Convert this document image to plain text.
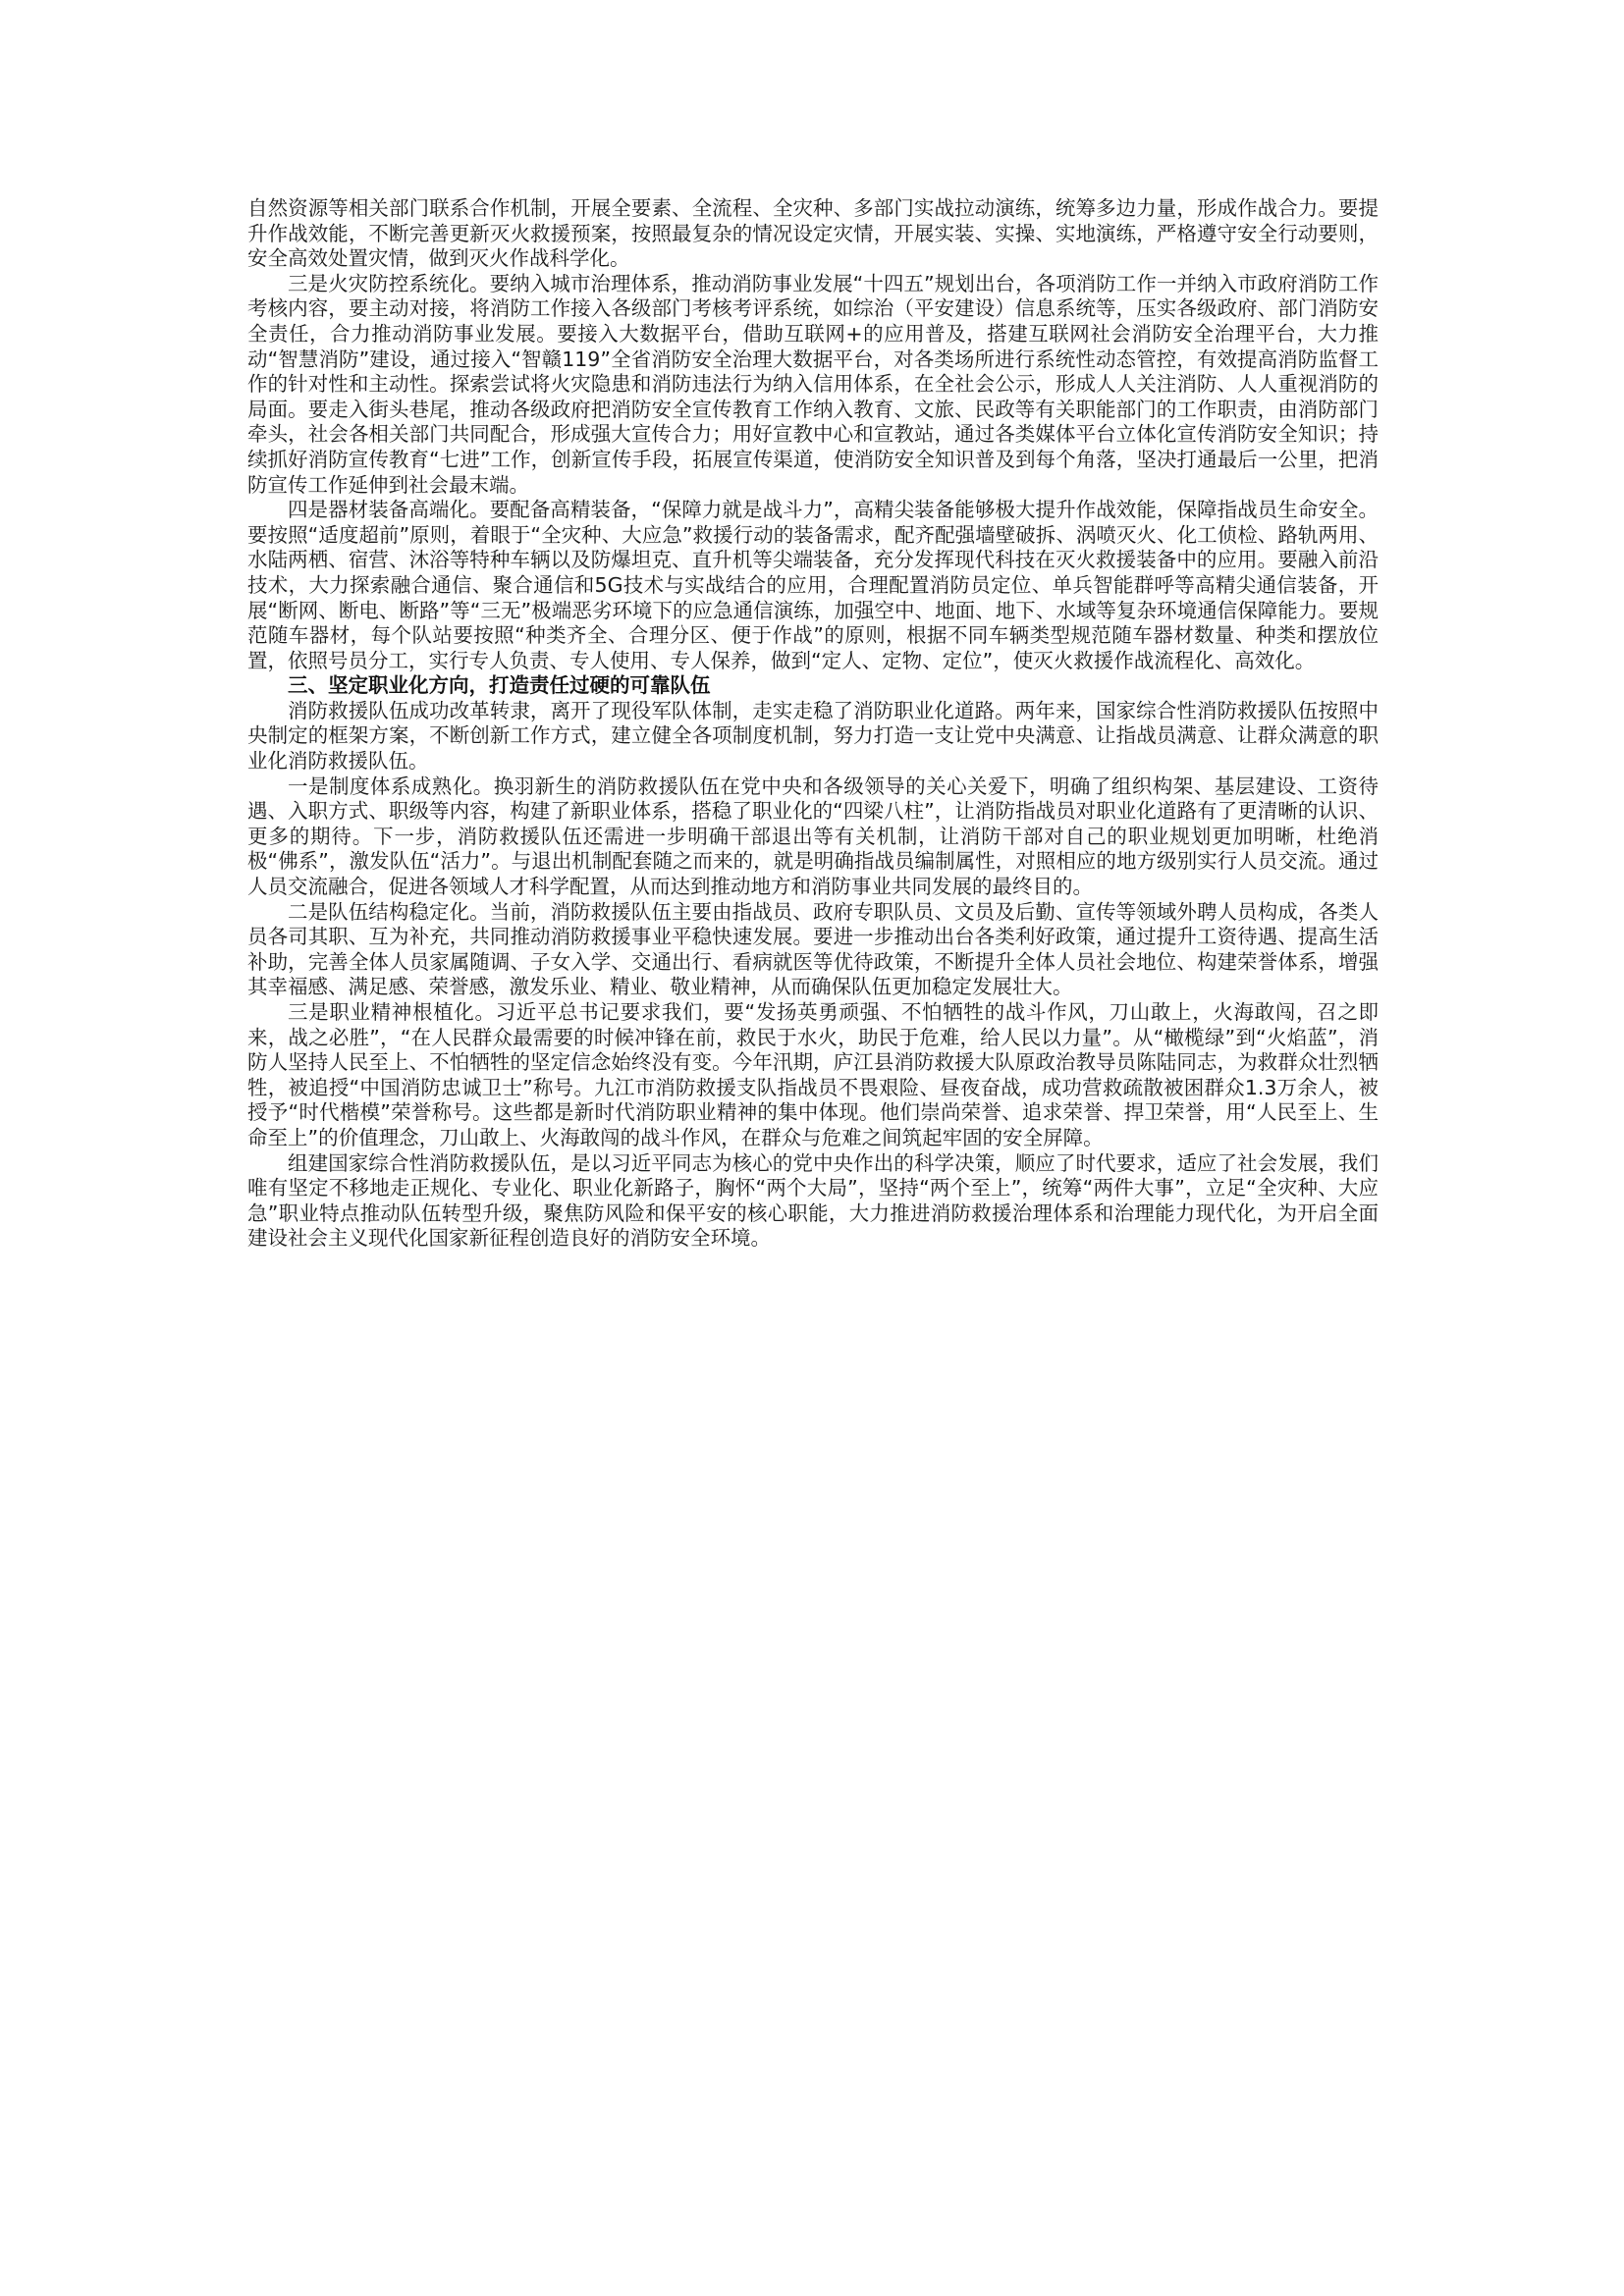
自然资源等相关部门联系合作机制，开展全要素、全流程、全灾种、多部门实战拉动演练，统筹多边力量，形成作战合力。要提升作战效能，不断完善更新灭火救援预案，按照最复杂的情况设定灾情，开展实装、实操、实地演练，严格遵守安全行动要则，安全高效处置灾情，做到灭火作战科学化。

三是火灾防控系统化。要纳入城市治理体系，推动消防事业发展“十四五”规划出台，各项消防工作一并纳入市政府消防工作考核内容，要主动对接，将消防工作接入各级部门考核考评系统，如综治（平安建设）信息系统等，压实各级政府、部门消防安全责任，合力推动消防事业发展。要接入大数据平台，借助互联网+的应用普及，搭建互联网社会消防安全治理平台，大力推动“智慧消防”建设，通过接入“智赣119”全省消防安全治理大数据平台，对各类场所进行系统性动态管控，有效提高消防监督工作的针对性和主动性。探索尝试将火灾隐患和消防违法行为纳入信用体系，在全社会公示，形成人人关注消防、人人重视消防的局面。要走入街头巷尾，推动各级政府把消防安全宣传教育工作纳入教育、文旅、民政等有关职能部门的工作职责，由消防部门牵头，社会各相关部门共同配合，形成强大宣传合力；用好宣教中心和宣教站，通过各类媒体平台立体化宣传消防安全知识；持续抓好消防宣传教育“七进”工作，创新宣传手段，拓展宣传渠道，使消防安全知识普及到每个角落，坚决打通最后一公里，把消防宣传工作延伸到社会最末端。

四是器材装备高端化。要配备高精装备，“保障力就是战斗力”，高精尖装备能够极大提升作战效能，保障指战员生命安全。要按照“适度超前”原则，着眼于“全灾种、大应急”救援行动的装备需求，配齐配强墙壁破拆、涡喷灭火、化工侦检、路轨两用、水陆两栖、宿营、沐浴等特种车辆以及防爆坦克、直升机等尖端装备，充分发挥现代科技在灭火救援装备中的应用。要融入前沿技术，大力探索融合通信、聚合通信和5G技术与实战结合的应用，合理配置消防员定位、单兵智能群呼等高精尖通信装备，开展“断网、断电、断路”等“三无”极端恶劣环境下的应急通信演练，加强空中、地面、地下、水域等复杂环境通信保障能力。要规范随车器材，每个队站要按照“种类齐全、合理分区、便于作战”的原则，根据不同车辆类型规范随车器材数量、种类和摆放位置，依照号员分工，实行专人负责、专人使用、专人保养，做到“定人、定物、定位”，使灭火救援作战流程化、高效化。

三、坚定职业化方向，打造责任过硬的可靠队伍

消防救援队伍成功改革转隶，离开了现役军队体制，走实走稳了消防职业化道路。两年来，国家综合性消防救援队伍按照中央制定的框架方案，不断创新工作方式，建立健全各项制度机制，努力打造一支让党中央满意、让指战员满意、让群众满意的职业化消防救援队伍。

一是制度体系成熟化。换羽新生的消防救援队伍在党中央和各级领导的关心关爱下，明确了组织构架、基层建设、工资待遇、入职方式、职级等内容，构建了新职业体系，搭稳了职业化的“四梁八柱”，让消防指战员对职业化道路有了更清晰的认识、更多的期待。下一步，消防救援队伍还需进一步明确干部退出等有关机制，让消防干部对自己的职业规划更加明晰，杜绝消极“佛系”，激发队伍“活力”。与退出机制配套随之而来的，就是明确指战员编制属性，对照相应的地方级别实行人员交流。通过人员交流融合，促进各领域人才科学配置，从而达到推动地方和消防事业共同发展的最终目的。

二是队伍结构稳定化。当前，消防救援队伍主要由指战员、政府专职队员、文员及后勤、宣传等领域外聘人员构成，各类人员各司其职、互为补充，共同推动消防救援事业平稳快速发展。要进一步推动出台各类利好政策，通过提升工资待遇、提高生活补助，完善全体人员家属随调、子女入学、交通出行、看病就医等优待政策，不断提升全体人员社会地位、构建荣誉体系，增强其幸福感、满足感、荣誉感，激发乐业、精业、敬业精神，从而确保队伍更加稳定发展壮大。

三是职业精神根植化。习近平总书记要求我们，要“发扬英勇顽强、不怕牺牲的战斗作风，刀山敢上，火海敢闯，召之即来，战之必胜”，“在人民群众最需要的时候冲锋在前，救民于水火，助民于危难，给人民以力量”。从“橄榄绿”到“火焰蓝”，消防人坚持人民至上、不怕牺牲的坚定信念始终没有变。今年汛期，庐江县消防救援大队原政治教导员陈陆同志，为救群众壮烈牺牲，被追授“中国消防忠诚卫士”称号。九江市消防救援支队指战员不畏艰险、昼夜奋战，成功营救疏散被困群众1.3万余人，被授予“时代楷模”荣誉称号。这些都是新时代消防职业精神的集中体现。他们崇尚荣誉、追求荣誉、捍卫荣誉，用“人民至上、生命至上”的价值理念，刀山敢上、火海敢闯的战斗作风，在群众与危难之间筑起牢固的安全屏障。

组建国家综合性消防救援队伍，是以习近平同志为核心的党中央作出的科学决策，顺应了时代要求，适应了社会发展，我们唯有坚定不移地走正规化、专业化、职业化新路子，胸怀“两个大局”，坚持“两个至上”，统筹“两件大事”，立足“全灾种、大应急”职业特点推动队伍转型升级，聚焦防风险和保平安的核心职能，大力推进消防救援治理体系和治理能力现代化，为开启全面建设社会主义现代化国家新征程创造良好的消防安全环境。
